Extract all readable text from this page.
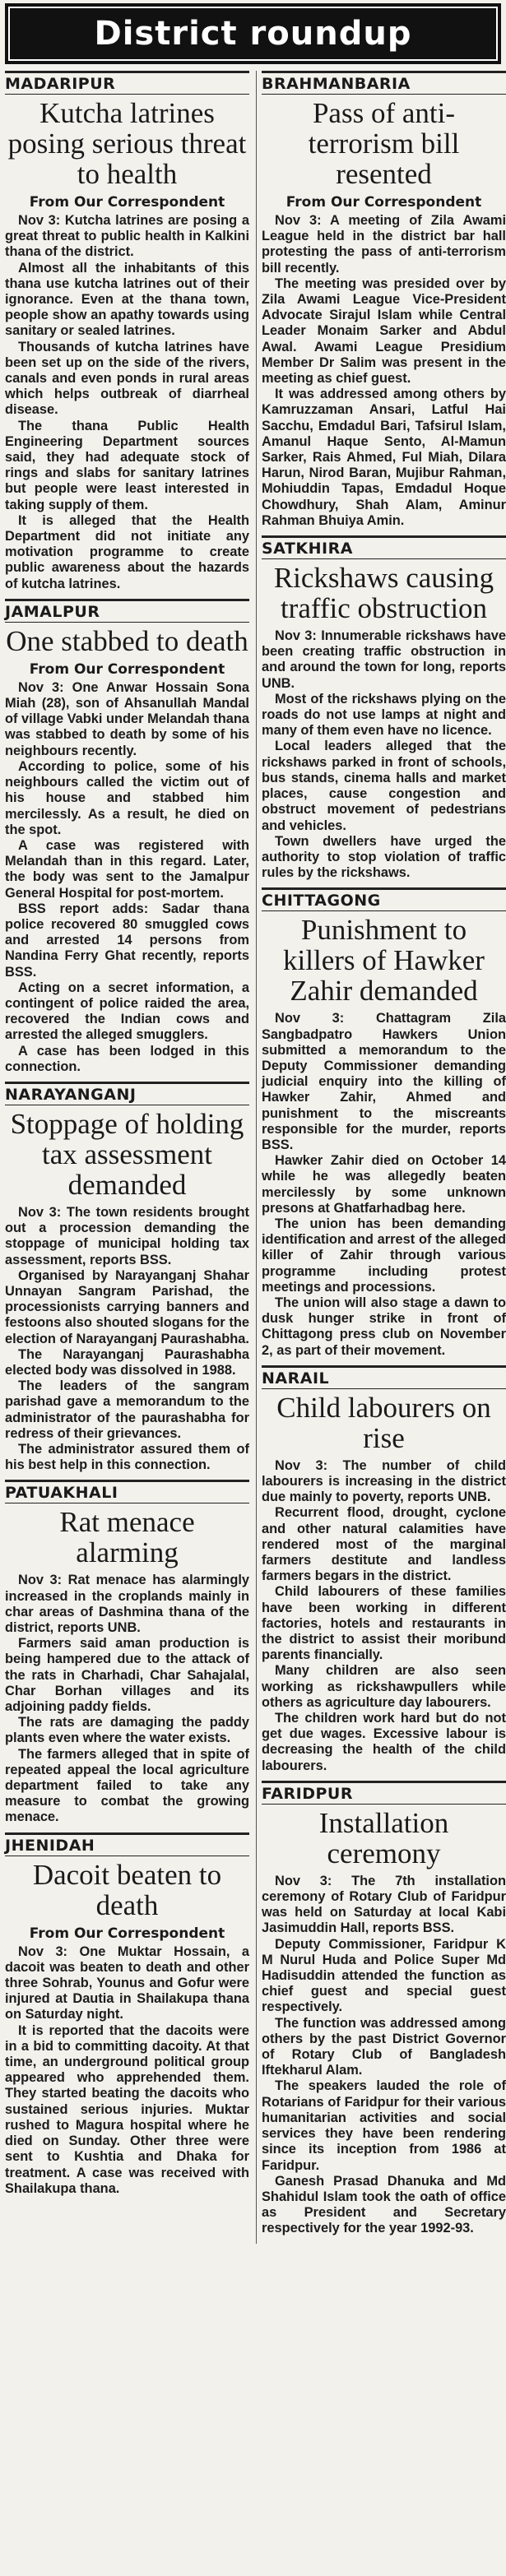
District roundup
MADARIPUR
Kutcha latrines posing serious threat to health
From Our Correspondent

Nov 3: Kutcha latrines are posing a great threat to public health in Kalkini thana of the district.

Almost all the inhabitants of this thana use kutcha latrines out of their ignorance. Even at the thana town, people show an apathy towards using sanitary or sealed latrines.

Thousands of kutcha latrines have been set up on the side of the rivers, canals and even ponds in rural areas which helps outbreak of diarrheal disease.

The thana Public Health Engineering Department sources said, they had adequate stock of rings and slabs for sanitary latrines but people were least interested in taking supply of them.

It is alleged that the Health Department did not initiate any motivation programme to create public awareness about the hazards of kutcha latrines.

JAMALPUR
One stabbed to death
From Our Correspondent

Nov 3: One Anwar Hossain Sona Miah (28), son of Ahsanullah Mandal of village Vabki under Melandah thana was stabbed to death by some of his neighbours recently.

According to police, some of his neighbours called the victim out of his house and stabbed him mercilessly. As a result, he died on the spot.

A case was registered with Melandah than in this regard. Later, the body was sent to the Jamalpur General Hospital for post-mortem.

BSS report adds: Sadar thana police recovered 80 smuggled cows and arrested 14 persons from Nandina Ferry Ghat recently, reports BSS.

Acting on a secret information, a contingent of police raided the area, recovered the Indian cows and arrested the alleged smugglers.

A case has been lodged in this connection.

NARAYANGANJ
Stoppage of holding tax assessment demanded

Nov 3: The town residents brought out a procession demanding the stoppage of municipal holding tax assessment, reports BSS.

Organised by Narayanganj Shahar Unnayan Sangram Parishad, the processionists carrying banners and festoons also shouted slogans for the election of Narayanganj Paurashabha.

The Narayanganj Paurashabha elected body was dissolved in 1988.

The leaders of the sangram parishad gave a memorandum to the administrator of the paurashabha for redress of their grievances.

The administrator assured them of his best help in this connection.

PATUAKHALI
Rat menace alarming

Nov 3: Rat menace has alarmingly increased in the croplands mainly in char areas of Dashmina thana of the district, reports UNB.

Farmers said aman production is being hampered due to the attack of the rats in Charhadi, Char Sahajalal, Char Borhan villages and its adjoining paddy fields.

The rats are damaging the paddy plants even where the water exists.

The farmers alleged that in spite of repeated appeal the local agriculture department failed to take any measure to combat the growing menace.

JHENIDAH
Dacoit beaten to death
From Our Correspondent

Nov 3: One Muktar Hossain, a dacoit was beaten to death and other three Sohrab, Younus and Gofur were injured at Dautia in Shailakupa thana on Saturday night.

It is reported that the dacoits were in a bid to committing dacoity. At that time, an underground political group appeared who apprehended them. They started beating the dacoits who sustained serious injuries. Muktar rushed to Magura hospital where he died on Sunday. Other three were sent to Kushtia and Dhaka for treatment. A case was received with Shailakupa thana.

BRAHMANBARIA
Pass of anti-terrorism bill resented
From Our Correspondent

Nov 3: A meeting of Zila Awami League held in the district bar hall protesting the pass of anti-terrorism bill recently.

The meeting was presided over by Zila Awami League Vice-President Advocate Sirajul Islam while Central Leader Monaim Sarker and Abdul Awal. Awami League Presidium Member Dr Salim was present in the meeting as chief guest.

It was addressed among others by Kamruzzaman Ansari, Latful Hai Sacchu, Emdadul Bari, Tafsirul Islam, Amanul Haque Sento, Al-Mamun Sarker, Rais Ahmed, Ful Miah, Dilara Harun, Nirod Baran, Mujibur Rahman, Mohiuddin Tapas, Emdadul Hoque Chowdhury, Shah Alam, Aminur Rahman Bhuiya Amin.

SATKHIRA
Rickshaws causing traffic obstruction

Nov 3: Innumerable rickshaws have been creating traffic obstruction in and around the town for long, reports UNB.

Most of the rickshaws plying on the roads do not use lamps at night and many of them even have no licence.

Local leaders alleged that the rickshaws parked in front of schools, bus stands, cinema halls and market places, cause congestion and obstruct movement of pedestrians and vehicles.

Town dwellers have urged the authority to stop violation of traffic rules by the rickshaws.

CHITTAGONG
Punishment to killers of Hawker Zahir demanded

Nov 3: Chattagram Zila Sangbadpatro Hawkers Union submitted a memorandum to the Deputy Commissioner demanding judicial enquiry into the killing of Hawker Zahir, Ahmed and punishment to the miscreants responsible for the murder, reports BSS.

Hawker Zahir died on October 14 while he was allegedly beaten mercilessly by some unknown presons at Ghatfarhadbag here.

The union has been demanding identification and arrest of the alleged killer of Zahir through various programme including protest meetings and processions.

The union will also stage a dawn to dusk hunger strike in front of Chittagong press club on November 2, as part of their movement.

NARAIL
Child labourers on rise

Nov 3: The number of child labourers is increasing in the district due mainly to poverty, reports UNB.

Recurrent flood, drought, cyclone and other natural calamities have rendered most of the marginal farmers destitute and landless farmers begars in the district.

Child labourers of these families have been working in different factories, hotels and restaurants in the district to assist their moribund parents financially.

Many children are also seen working as rickshawpullers while others as agriculture day labourers.

The children work hard but do not get due wages. Excessive labour is decreasing the health of the child labourers.

FARIDPUR
Installation ceremony

Nov 3: The 7th installation ceremony of Rotary Club of Faridpur was held on Saturday at local Kabi Jasimuddin Hall, reports BSS.

Deputy Commissioner, Faridpur K M Nurul Huda and Police Super Md Hadisuddin attended the function as chief guest and special guest respectively.

The function was addressed among others by the past District Governor of Rotary Club of Bangladesh Iftekharul Alam.

The speakers lauded the role of Rotarians of Faridpur for their various humanitarian activities and social services they have been rendering since its inception from 1986 at Faridpur.

Ganesh Prasad Dhanuka and Md Shahidul Islam took the oath of office as President and Secretary respectively for the year 1992-93.
